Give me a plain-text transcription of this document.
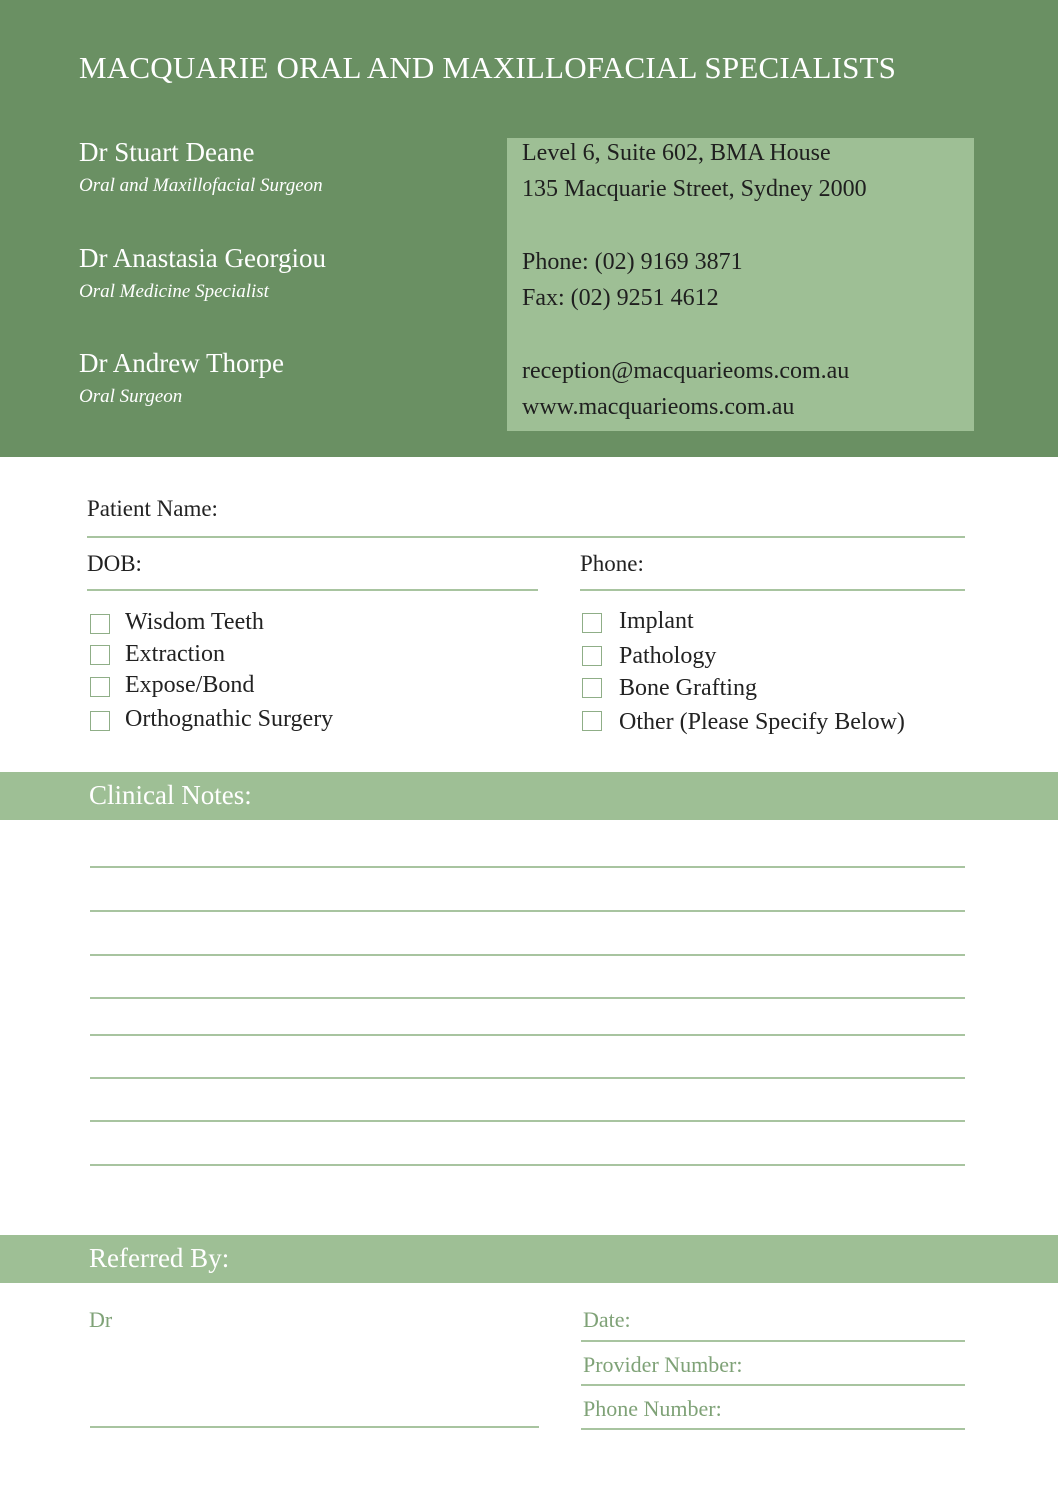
MACQUARIE ORAL AND MAXILLOFACIAL SPECIALISTS
Dr Stuart Deane
Oral and Maxillofacial Surgeon
Dr Anastasia Georgiou
Oral Medicine Specialist
Dr Andrew Thorpe
Oral Surgeon
Level 6, Suite 602, BMA House
135 Macquarie Street, Sydney 2000
Phone: (02) 9169 3871
Fax: (02) 9251 4612
reception@macquarieoms.com.au
www.macquarieoms.com.au
Patient Name:
DOB:	Phone:
Wisdom Teeth
Extraction
Expose/Bond
Orthognathic Surgery
Implant
Pathology
Bone Grafting
Other (Please Specify Below)
Clinical Notes:
Referred By:
Dr	Date:
Provider Number:
Phone Number:
